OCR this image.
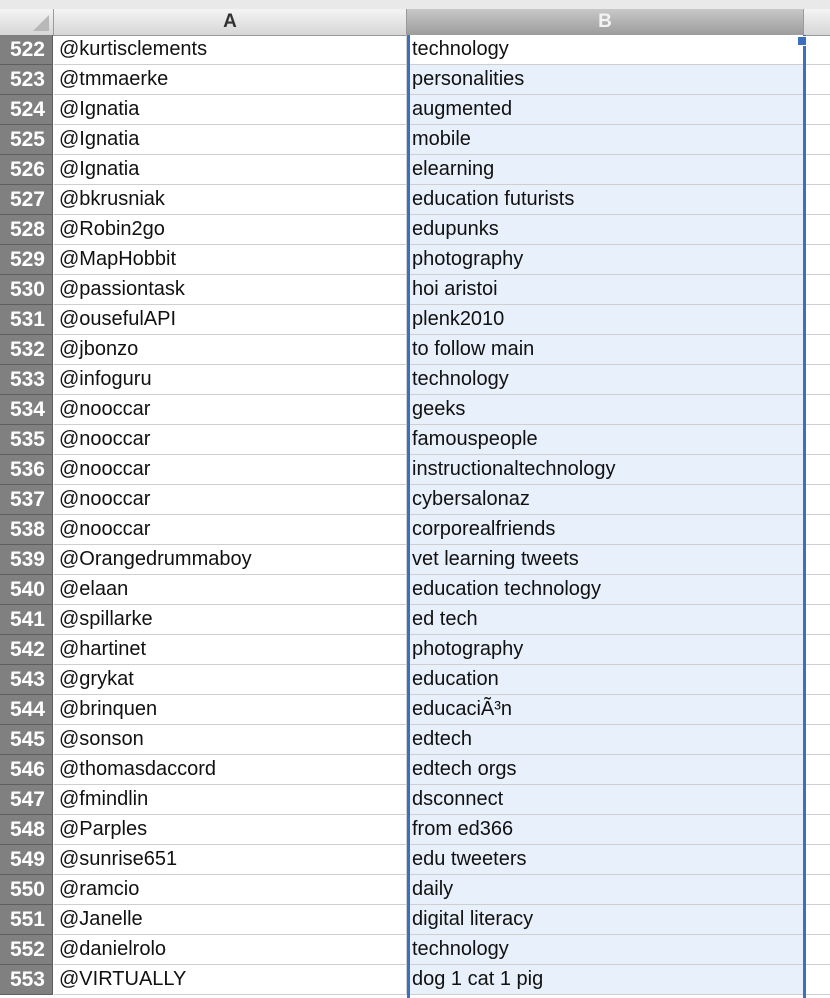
A	B
522 @kurtisclements	technology
523 @tmmaerke	personalities
524 @Ignatia	augmented
525 @Ignatia	mobile
526 @Ignatia	elearning
527 @bkrusniak	education futurists
528 @Robin2go	edupunks
529 @MapHobbit	photography
530 @passiontask	hoi aristoi
531 @ousefulAPI	plenk2010
532 @jbonzo	to follow main
533 @infoguru	technology
534 @nooccar	geeks
535 @nooccar	famouspeople
536 @nooccar	instructionaltechnology
537 @nooccar	cybersalonaz
538 @nooccar	corporealfriends
539 @Orangedrummaboy	vet learning tweets
540 @elaan	education technology
541 @spillarke	ed tech
542 @hartinet	photography
543 @grykat	education
544 @brinquen	educaciÃ³n
545 @sonson	edtech
546 @thomasdaccord	edtech orgs
547 @fmindlin	dsconnect
548 @Parples	from ed366
549 @sunrise651	edu tweeters
550 @ramcio	daily
551 @Janelle	digital literacy
552 @danielrolo	technology
553 @VIRTUALLY	dog 1 cat 1 pig
